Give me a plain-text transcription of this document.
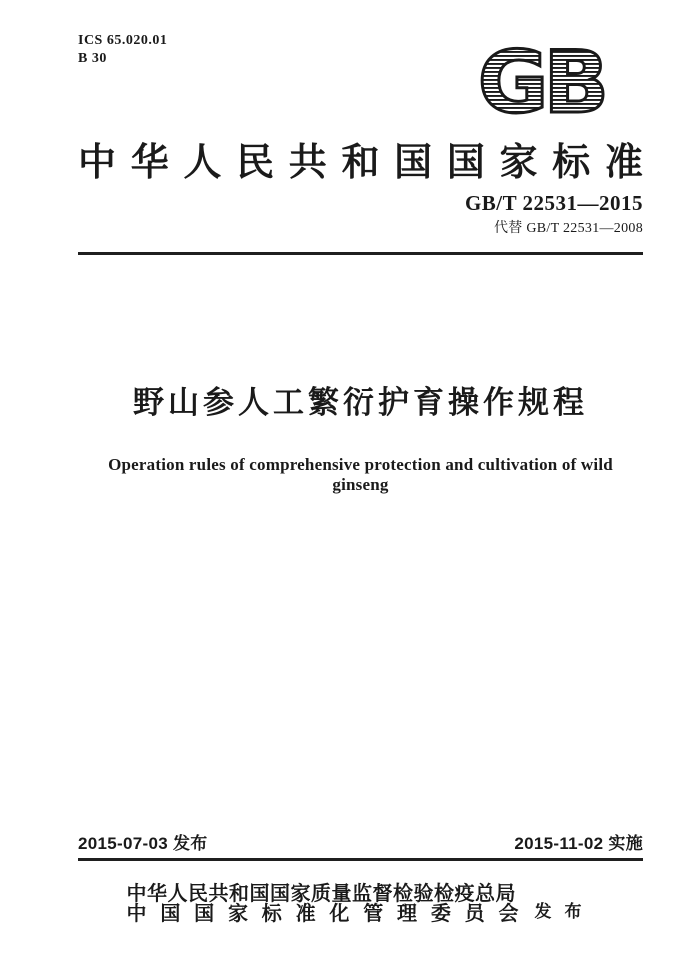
ICS 65.020.01
B 30	GB
中 华 人 民 共 和 国 国 家 标 准
GB/T 22531—2015
代替 GB/T 22531—2008
野山参人工繁衍护育操作规程
Operation rules of comprehensive protection and cultivation of wild ginseng
2015-07-03 发布	2015-11-02 实施
中华人民共和国国家质量监督检验检疫总局
中 国 国 家 标 准 化 管 理 委 员 会 发布
